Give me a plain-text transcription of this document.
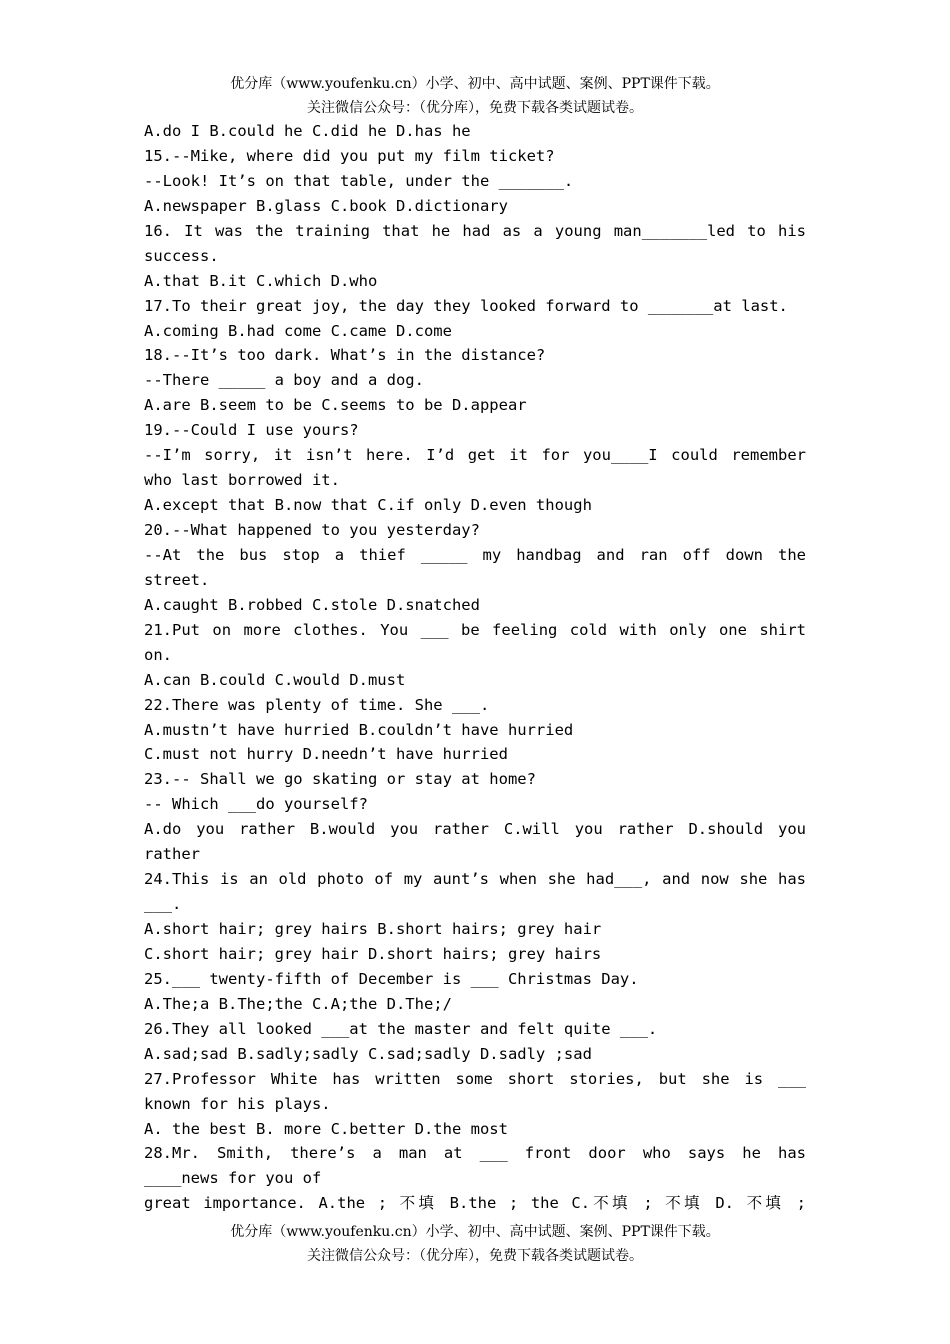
优分库（www.youfenku.cn）小学、初中、高中试题、案例、PPT课件下载。
关注微信公众号：（优分库），免费下载各类试题试卷。
A.do I B.could he C.did he D.has he
15.--Mike, where did you put my film ticket?
--Look! It’s on that table, under the _______.
A.newspaper B.glass C.book D.dictionary
16. It was the training that he had as a young man_______led to his
success.
A.that B.it C.which D.who
17.To their great joy, the day they looked forward to _______at last.
A.coming B.had come C.came D.come
18.--It’s too dark. What’s in the distance?
--There _____ a boy and a dog.
A.are B.seem to be C.seems to be D.appear
19.--Could I use yours?
--I’m sorry, it isn’t here. I’d get it for you____I could remember
who last borrowed it.
A.except that B.now that C.if only D.even though
20.--What happened to you yesterday?
--At the bus stop a thief _____ my handbag and ran off down the
street.
A.caught B.robbed C.stole D.snatched
21.Put on more clothes. You ___ be feeling cold with only one shirt
on.
A.can B.could C.would D.must
22.There was plenty of time. She ___.
A.mustn’t have hurried B.couldn’t have hurried
C.must not hurry D.needn’t have hurried
23.-- Shall we go skating or stay at home?
-- Which ___do yourself?
A.do you rather B.would you rather C.will you rather D.should you
rather
24.This is an old photo of my aunt’s when she had___, and now she has
___.
A.short hair; grey hairs B.short hairs; grey hair
C.short hair; grey hair D.short hairs; grey hairs
25.___ twenty-fifth of December is ___ Christmas Day.
A.The;a B.The;the C.A;the D.The;/
26.They all looked ___at the master and felt quite ___.
A.sad;sad B.sadly;sadly C.sad;sadly D.sadly ;sad
27.Professor White has written some short stories, but she is ___
known for his plays.
A. the best B. more C.better D.the most
28.Mr. Smith, there’s a man at ___ front door who says he has
____news for you of
great importance. A.the ; 不填 B.the ; the C.不填 ; 不填 D. 不填 ;
优分库（www.youfenku.cn）小学、初中、高中试题、案例、PPT课件下载。
关注微信公众号：（优分库），免费下载各类试题试卷。
